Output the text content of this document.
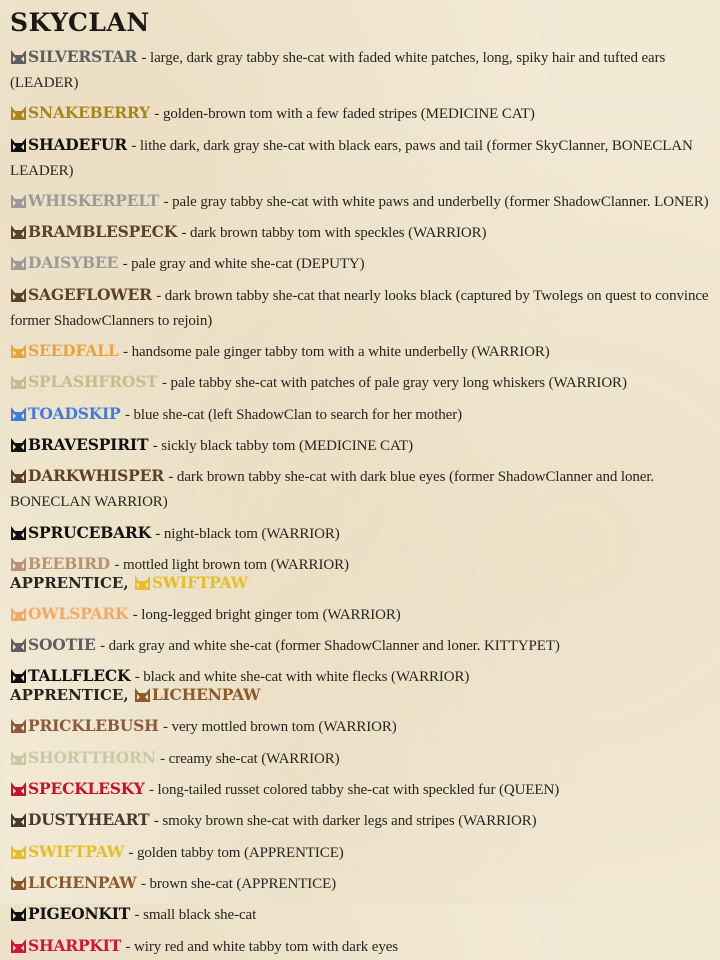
SKYCLAN
SILVERSTAR - large, dark gray tabby she-cat with faded white patches, long, spiky hair and tufted ears (LEADER)
SNAKEBERRY - golden-brown tom with a few faded stripes (MEDICINE CAT)
SHADEFUR - lithe dark, dark gray she-cat with black ears, paws and tail (former SkyClanner, BONECLAN LEADER)
WHISKERPELT - pale gray tabby she-cat with white paws and underbelly (former ShadowClanner. LONER)
BRAMBLESPECK - dark brown tabby tom with speckles (WARRIOR)
DAISYBEE - pale gray and white she-cat (DEPUTY)
SAGEFLOWER - dark brown tabby she-cat that nearly looks black (captured by Twolegs on quest to convince former ShadowClanners to rejoin)
SEEDFALL - handsome pale ginger tabby tom with a white underbelly (WARRIOR)
SPLASHFROST - pale tabby she-cat with patches of pale gray very long whiskers (WARRIOR)
TOADSKIP - blue she-cat (left ShadowClan to search for her mother)
BRAVESPIRIT - sickly black tabby tom (MEDICINE CAT)
DARKWHISPER - dark brown tabby she-cat with dark blue eyes (former ShadowClanner and loner. BONECLAN WARRIOR)
SPRUCEBARK - night-black tom (WARRIOR)
BEEBIRD - mottled light brown tom (WARRIOR)
APPRENTICE, SWIFTPAW
OWLSPARK - long-legged bright ginger tom (WARRIOR)
SOOTIE - dark gray and white she-cat (former ShadowClanner and loner. KITTYPET)
TALLFLECK - black and white she-cat with white flecks (WARRIOR)
APPRENTICE, LICHENPAW
PRICKLEBUSH - very mottled brown tom (WARRIOR)
SHORTTHORN - creamy she-cat (WARRIOR)
SPECKLESKY - long-tailed russet colored tabby she-cat with speckled fur (QUEEN)
DUSTYHEART - smoky brown she-cat with darker legs and stripes (WARRIOR)
SWIFTPAW - golden tabby tom (APPRENTICE)
LICHENPAW - brown she-cat (APPRENTICE)
PIGEONKIT - small black she-cat
SHARPKIT - wiry red and white tabby tom with dark eyes
